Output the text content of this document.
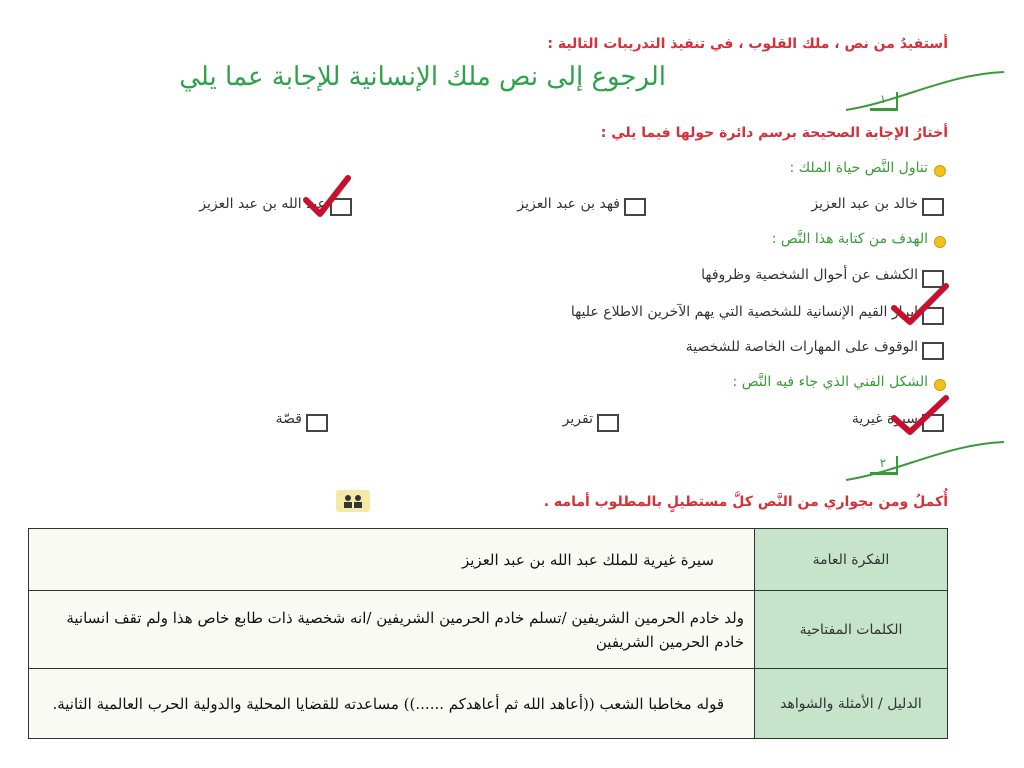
أستفيدُ من نص ، ملك القلوب ، في تنفيذ التدريبات التالية :
١
الرجوع إلى نص ملك الإنسانية للإجابة عما يلي
أختارُ الإجابة الصحيحة برسم دائرة حولها فيما يلي :
تناول النَّص حياة الملك :
خالد بن عبد العزيز
فهد بن عبد العزيز
عبد الله بن عبد العزيز
الهدف من كتابة هذا النَّص :
الكشف عن أحوال الشخصية وظروفها
إبراز القيم الإنسانية للشخصية التي يهم الآخرين الاطلاع عليها
الوقوف على المهارات الخاصة للشخصية
الشكل الفني الذي جاء فيه النَّص :
سيرة غيرية
تقرير
قصّة
٢
أُكملُ ومن بجواري من النَّص كلَّ مستطيلٍ بالمطلوب أمامه .
الفكرة العامة	سيرة غيرية للملك عبد الله بن عبد العزيز
الكلمات المفتاحية	ولد خادم الحرمين الشريفين /تسلم خادم الحرمين الشريفين /انه شخصية ذات طابع خاص هذا ولم تقف انسانية خادم الحرمين الشريفين
الدليل / الأمثلة والشواهد	قوله مخاطبا الشعب ((أعاهد الله ثم أعاهدكم ......)) مساعدته للقضايا المحلية والدولية الحرب العالمية الثانية.
